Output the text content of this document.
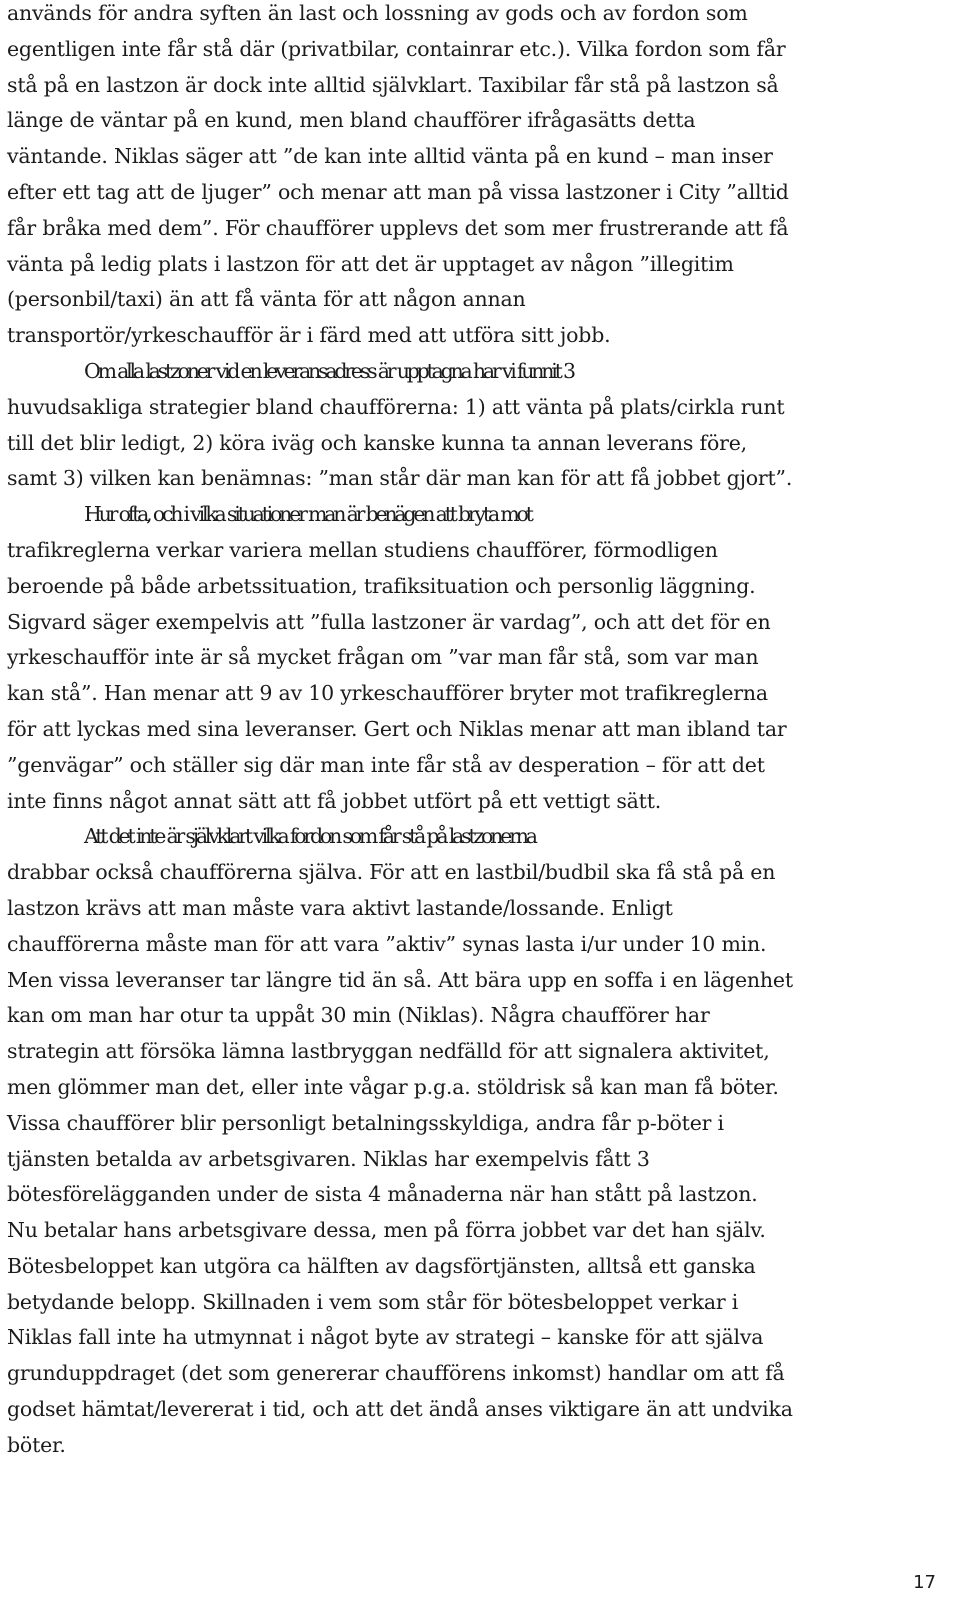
används för andra syften än last och lossning av gods och av fordon som
egentligen inte får stå där (privatbilar, containrar etc.). Vilka fordon som får
stå på en lastzon är dock inte alltid självklart. Taxibilar får stå på lastzon så
länge de väntar på en kund, men bland chaufförer ifrågasätts detta
väntande. Niklas säger att ”de kan inte alltid vänta på en kund – man inser
efter ett tag att de ljuger” och menar att man på vissa lastzoner i City ”alltid
får bråka med dem”. För chaufförer upplevs det som mer frustrerande att få
vänta på ledig plats i lastzon för att det är upptaget av någon ”illegitim
(personbil/taxi) än att få vänta för att någon annan
transportör/yrkeschaufför är i färd med att utföra sitt jobb.

Om alla lastzoner vid en leveransadress är upptagna har vi funnit 3
huvudsakliga strategier bland chaufförerna: 1) att vänta på plats/cirkla runt
till det blir ledigt, 2) köra iväg och kanske kunna ta annan leverans före,
samt 3) vilken kan benämnas: ”man står där man kan för att få jobbet gjort”.

Hur ofta, och i vilka situationer man är benägen att bryta mot
trafikreglerna verkar variera mellan studiens chaufförer, förmodligen
beroende på både arbetssituation, trafiksituation och personlig läggning.
Sigvard säger exempelvis att ”fulla lastzoner är vardag”, och att det för en
yrkeschaufför inte är så mycket frågan om ”var man får stå, som var man
kan stå”. Han menar att 9 av 10 yrkeschaufförer bryter mot trafikreglerna
för att lyckas med sina leveranser. Gert och Niklas menar att man ibland tar
”genvägar” och ställer sig där man inte får stå av desperation – för att det
inte finns något annat sätt att få jobbet utfört på ett vettigt sätt.

Att det inte är självklart vilka fordon som får stå på lastzonerna
drabbar också chaufförerna själva. För att en lastbil/budbil ska få stå på en
lastzon krävs att man måste vara aktivt lastande/lossande. Enligt
chaufförerna måste man för att vara ”aktiv” synas lasta i/ur under 10 min.
Men vissa leveranser tar längre tid än så. Att bära upp en soffa i en lägenhet
kan om man har otur ta uppåt 30 min (Niklas). Några chaufförer har
strategin att försöka lämna lastbryggan nedfälld för att signalera aktivitet,
men glömmer man det, eller inte vågar p.g.a. stöldrisk så kan man få böter.
Vissa chaufförer blir personligt betalningsskyldiga, andra får p-böter i
tjänsten betalda av arbetsgivaren. Niklas har exempelvis fått 3
bötesförelägganden under de sista 4 månaderna när han stått på lastzon.
Nu betalar hans arbetsgivare dessa, men på förra jobbet var det han själv.
Bötesbeloppet kan utgöra ca hälften av dagsförtjänsten, alltså ett ganska
betydande belopp. Skillnaden i vem som står för bötesbeloppet verkar i
Niklas fall inte ha utmynnat i något byte av strategi – kanske för att själva
grunduppdraget (det som genererar chaufförens inkomst) handlar om att få
godset hämtat/levererat i tid, och att det ändå anses viktigare än att undvika
böter.

17
